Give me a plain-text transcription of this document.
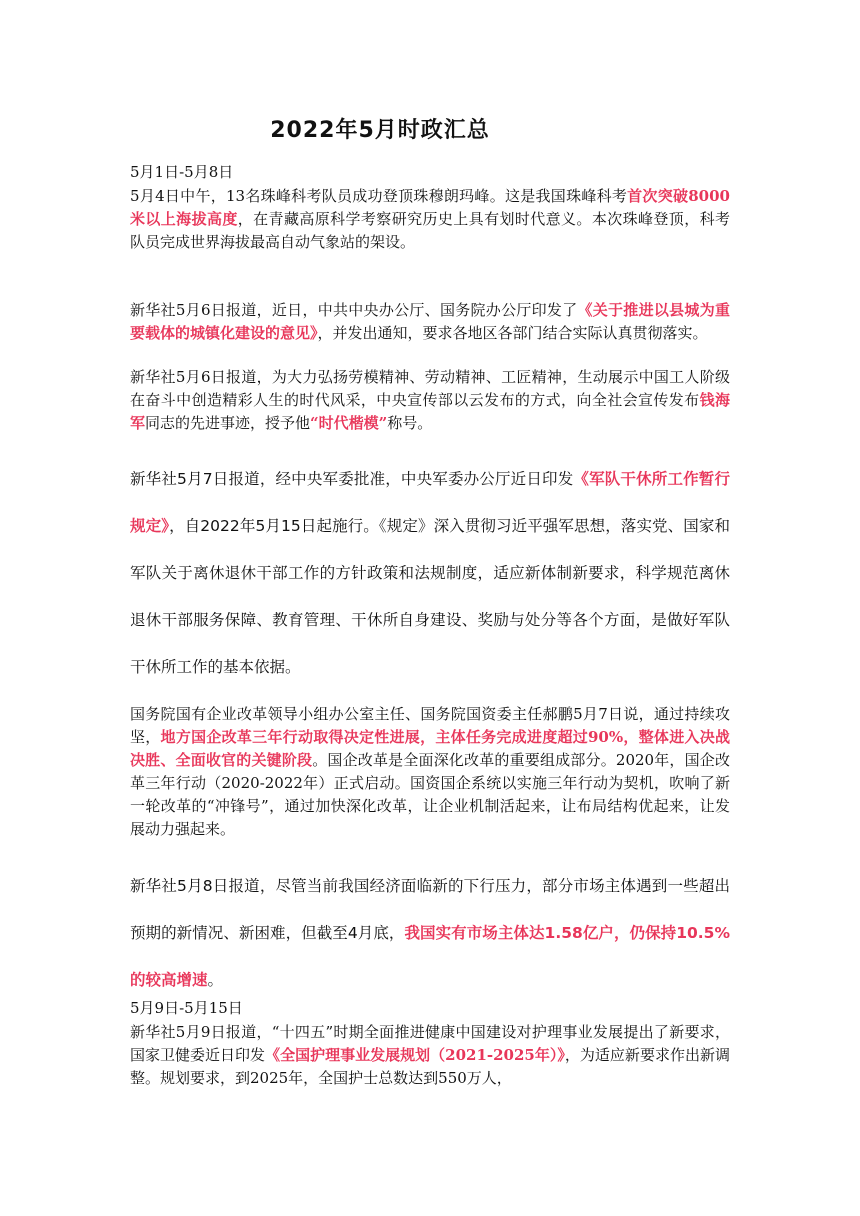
2022年5月时政汇总

5月1日-5月8日

5月4日中午，13名珠峰科考队员成功登顶珠穆朗玛峰。这是我国珠峰科考首次突破8000米以上海拔高度，在青藏高原科学考察研究历史上具有划时代意义。本次珠峰登顶，科考队员完成世界海拔最高自动气象站的架设。

新华社5月6日报道，近日，中共中央办公厅、国务院办公厅印发了《关于推进以县城为重要载体的城镇化建设的意见》，并发出通知，要求各地区各部门结合实际认真贯彻落实。

新华社5月6日报道，为大力弘扬劳模精神、劳动精神、工匠精神，生动展示中国工人阶级在奋斗中创造精彩人生的时代风采，中央宣传部以云发布的方式，向全社会宣传发布钱海军同志的先进事迹，授予他“时代楷模”称号。

新华社5月7日报道，经中央军委批准，中央军委办公厅近日印发《军队干休所工作暂行规定》，自2022年5月15日起施行。《规定》深入贯彻习近平强军思想，落实党、国家和军队关于离休退休干部工作的方针政策和法规制度，适应新体制新要求，科学规范离休退休干部服务保障、教育管理、干休所自身建设、奖励与处分等各个方面，是做好军队干休所工作的基本依据。

国务院国有企业改革领导小组办公室主任、国务院国资委主任郝鹏5月7日说，通过持续攻坚，地方国企改革三年行动取得决定性进展，主体任务完成进度超过90%，整体进入决战决胜、全面收官的关键阶段。国企改革是全面深化改革的重要组成部分。2020年，国企改革三年行动（2020-2022年）正式启动。国资国企系统以实施三年行动为契机，吹响了新一轮改革的“冲锋号”，通过加快深化改革，让企业机制活起来，让布局结构优起来，让发展动力强起来。

新华社5月8日报道，尽管当前我国经济面临新的下行压力，部分市场主体遇到一些超出预期的新情况、新困难，但截至4月底，我国实有市场主体达1.58亿户，仍保持10.5%的较高增速。

5月9日-5月15日

新华社5月9日报道，“十四五”时期全面推进健康中国建设对护理事业发展提出了新要求，国家卫健委近日印发《全国护理事业发展规划（2021-2025年）》，为适应新要求作出新调整。规划要求，到2025年，全国护士总数达到550万人，
